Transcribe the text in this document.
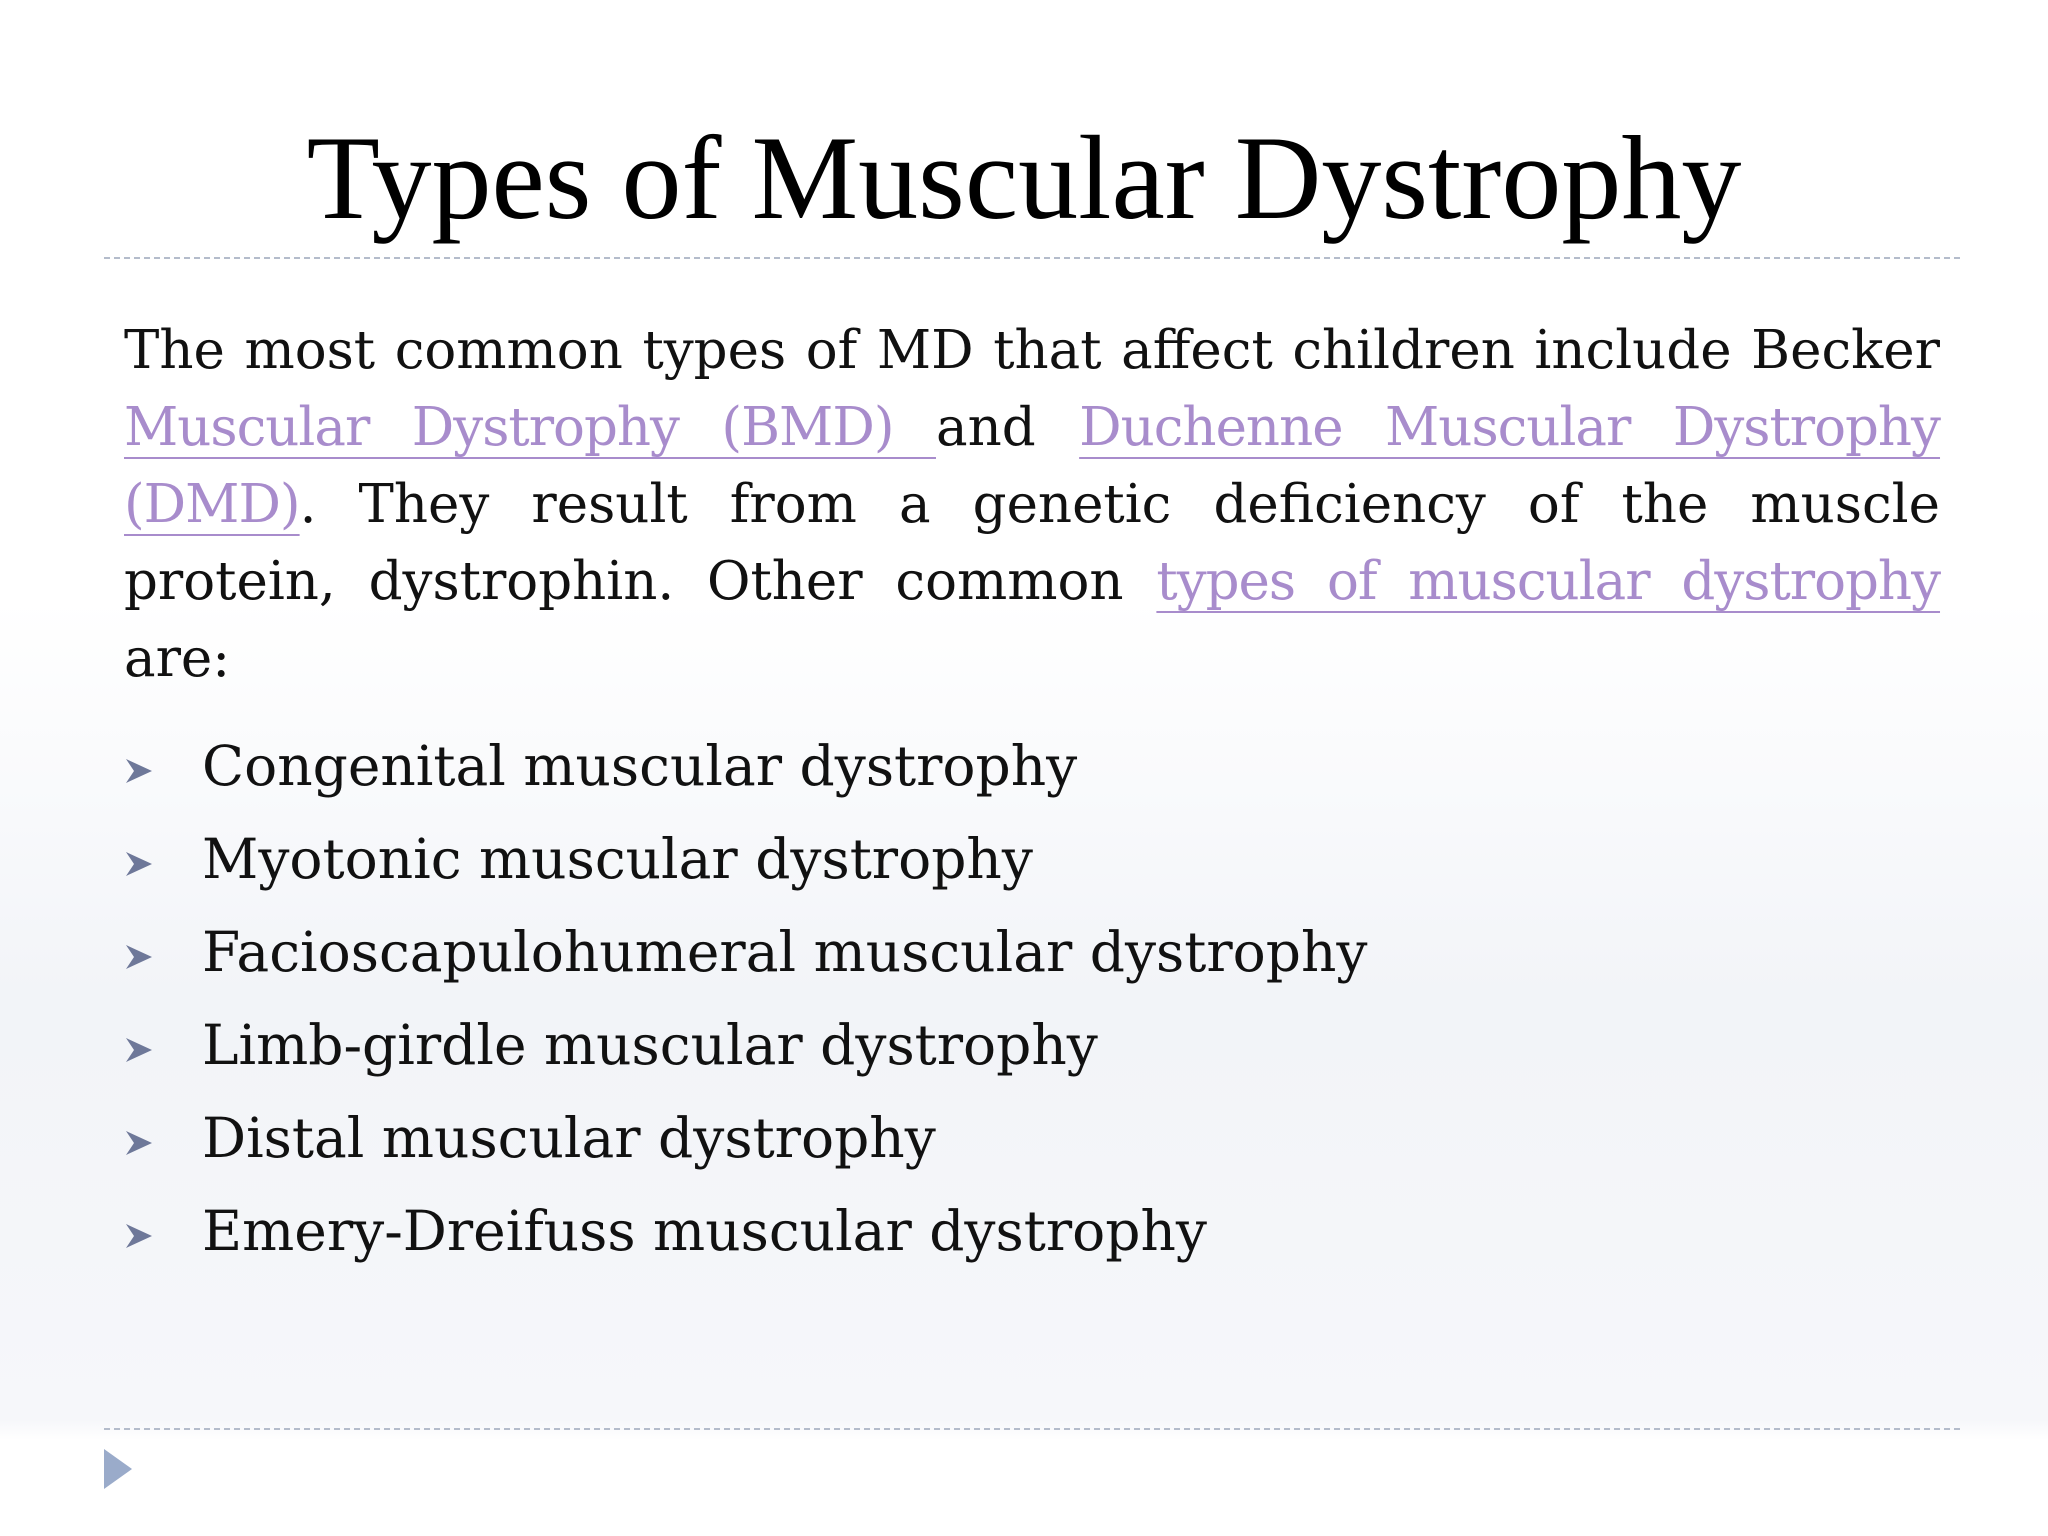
Types of Muscular Dystrophy

The most common types of MD that affect children include Becker Muscular Dystrophy (BMD) and Duchenne Muscular Dystrophy (DMD). They result from a genetic deficiency of the muscle protein, dystrophin. Other common types of muscular dystrophy are:

Congenital muscular dystrophy
Myotonic muscular dystrophy
Facioscapulohumeral muscular dystrophy
Limb-girdle muscular dystrophy
Distal muscular dystrophy
Emery-Dreifuss muscular dystrophy
